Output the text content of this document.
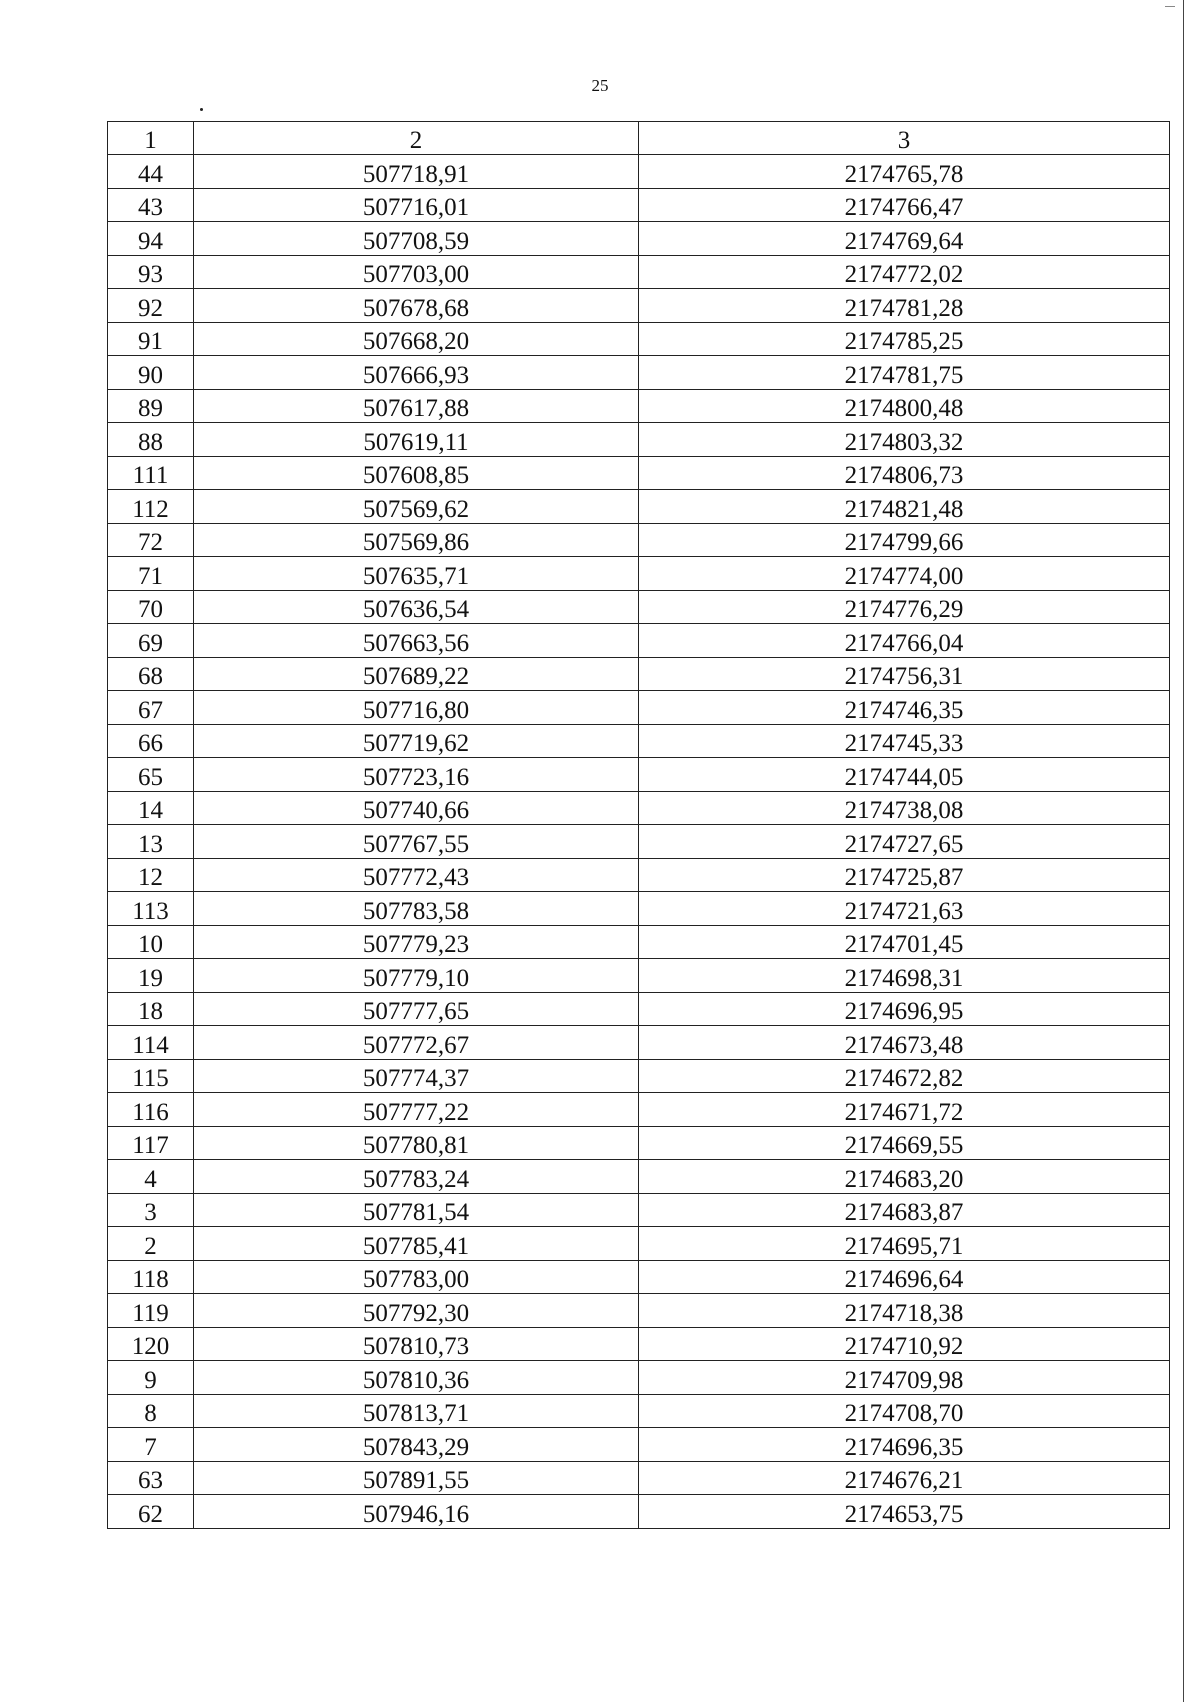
25
1	2	3
44	507718,91	2174765,78
43	507716,01	2174766,47
94	507708,59	2174769,64
93	507703,00	2174772,02
92	507678,68	2174781,28
91	507668,20	2174785,25
90	507666,93	2174781,75
89	507617,88	2174800,48
88	507619,11	2174803,32
111	507608,85	2174806,73
112	507569,62	2174821,48
72	507569,86	2174799,66
71	507635,71	2174774,00
70	507636,54	2174776,29
69	507663,56	2174766,04
68	507689,22	2174756,31
67	507716,80	2174746,35
66	507719,62	2174745,33
65	507723,16	2174744,05
14	507740,66	2174738,08
13	507767,55	2174727,65
12	507772,43	2174725,87
113	507783,58	2174721,63
10	507779,23	2174701,45
19	507779,10	2174698,31
18	507777,65	2174696,95
114	507772,67	2174673,48
115	507774,37	2174672,82
116	507777,22	2174671,72
117	507780,81	2174669,55
4	507783,24	2174683,20
3	507781,54	2174683,87
2	507785,41	2174695,71
118	507783,00	2174696,64
119	507792,30	2174718,38
120	507810,73	2174710,92
9	507810,36	2174709,98
8	507813,71	2174708,70
7	507843,29	2174696,35
63	507891,55	2174676,21
62	507946,16	2174653,75
